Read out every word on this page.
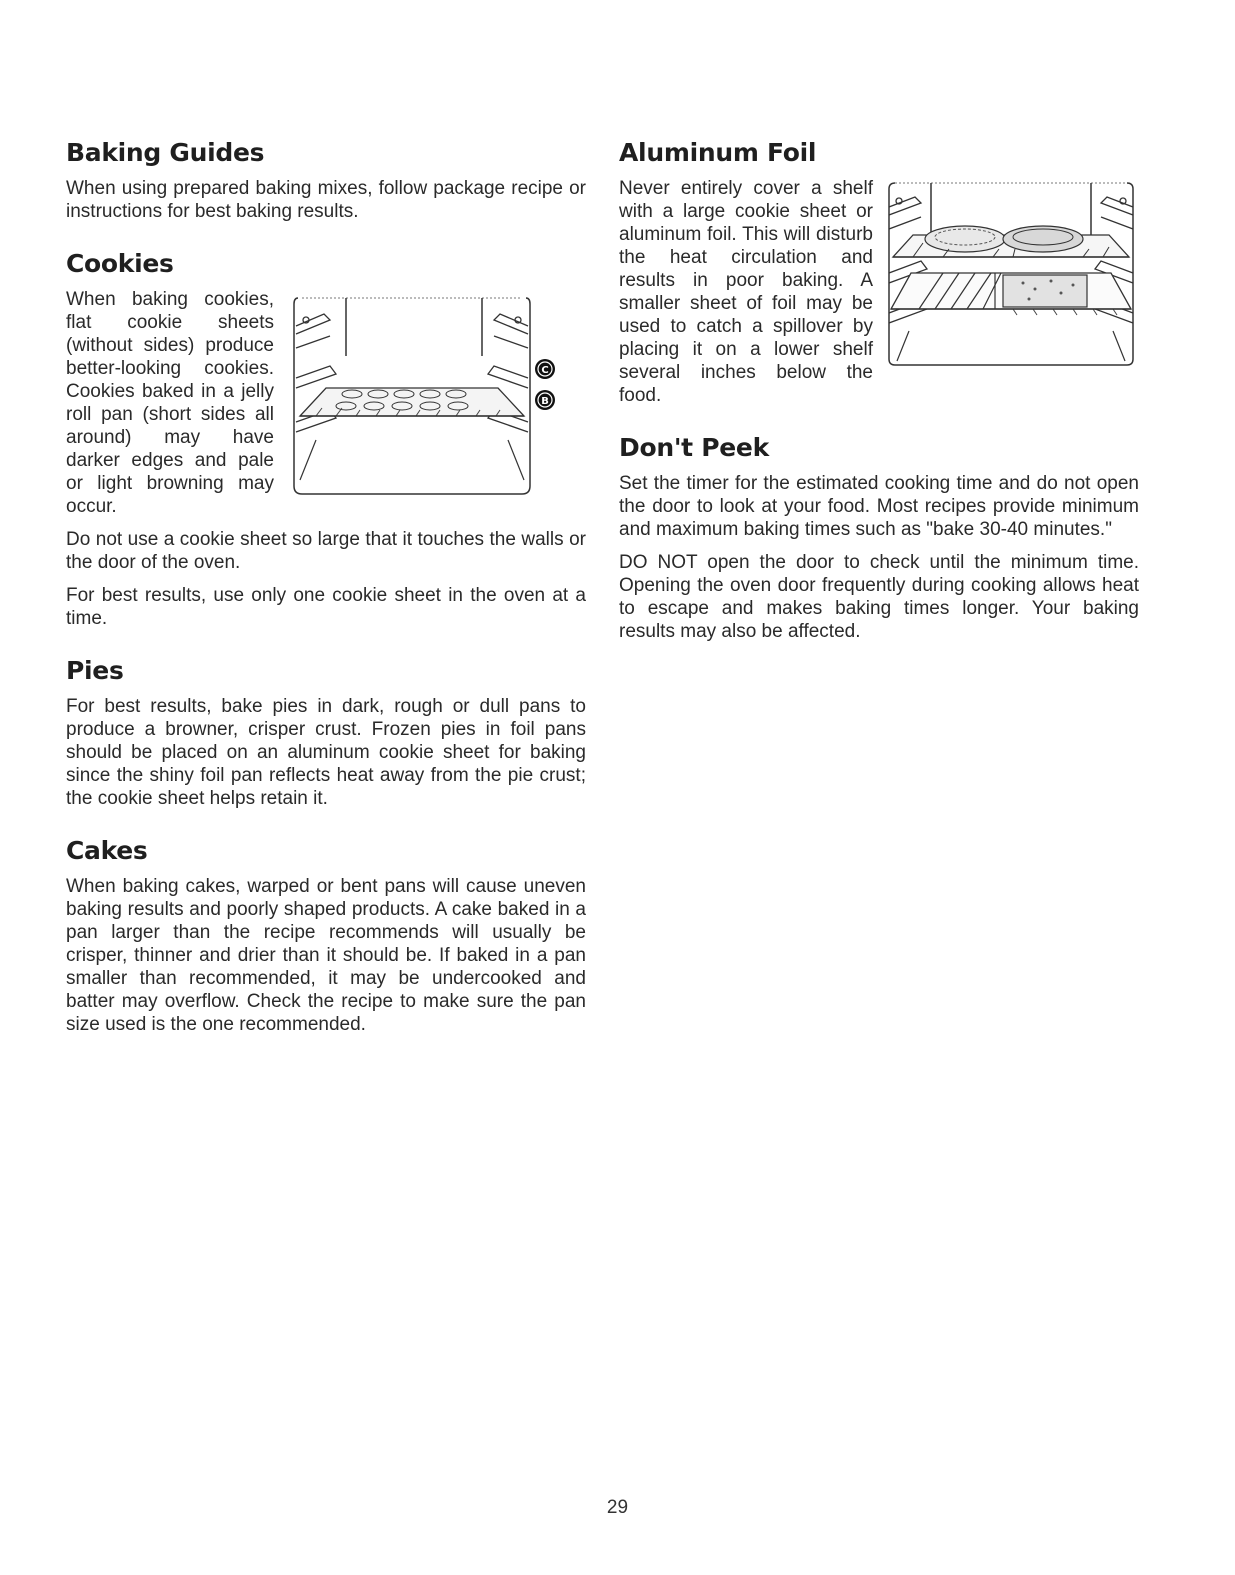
Baking Guides

When using prepared baking mixes, follow package recipe or instructions for best baking results.

Cookies
C
B

When baking cookies, flat cookie sheets (without sides) produce better-looking cookies. Cookies baked in a jelly roll pan (short sides all around) may have darker edges and pale or light browning may occur.

Do not use a cookie sheet so large that it touches the walls or the door of the oven.

For best results, use only one cookie sheet in the oven at a time.

Pies

For best results, bake pies in dark, rough or dull pans to produce a browner, crisper crust. Frozen pies in foil pans should be placed on an aluminum cookie sheet for baking since the shiny foil pan reflects heat away from the pie crust; the cookie sheet helps retain it.

Cakes

When baking cakes, warped or bent pans will cause uneven baking results and poorly shaped products. A cake baked in a pan larger than the recipe recommends will usually be crisper, thinner and drier than it should be. If baked in a pan smaller than recommended, it may be undercooked and batter may overflow. Check the recipe to make sure the pan size used is the one recommended.

Aluminum Foil

Never entirely cover a shelf with a large cookie sheet or aluminum foil. This will disturb the heat circulation and results in poor baking. A smaller sheet of foil may be used to catch a spillover by placing it on a lower shelf several inches below the food.

Don't Peek

Set the timer for the estimated cooking time and do not open the door to look at your food. Most recipes provide minimum and maximum baking times such as "bake 30-40 minutes."

DO NOT open the door to check until the minimum time. Opening the oven door frequently during cooking allows heat to escape and makes baking times longer. Your baking results may also be affected.

29
